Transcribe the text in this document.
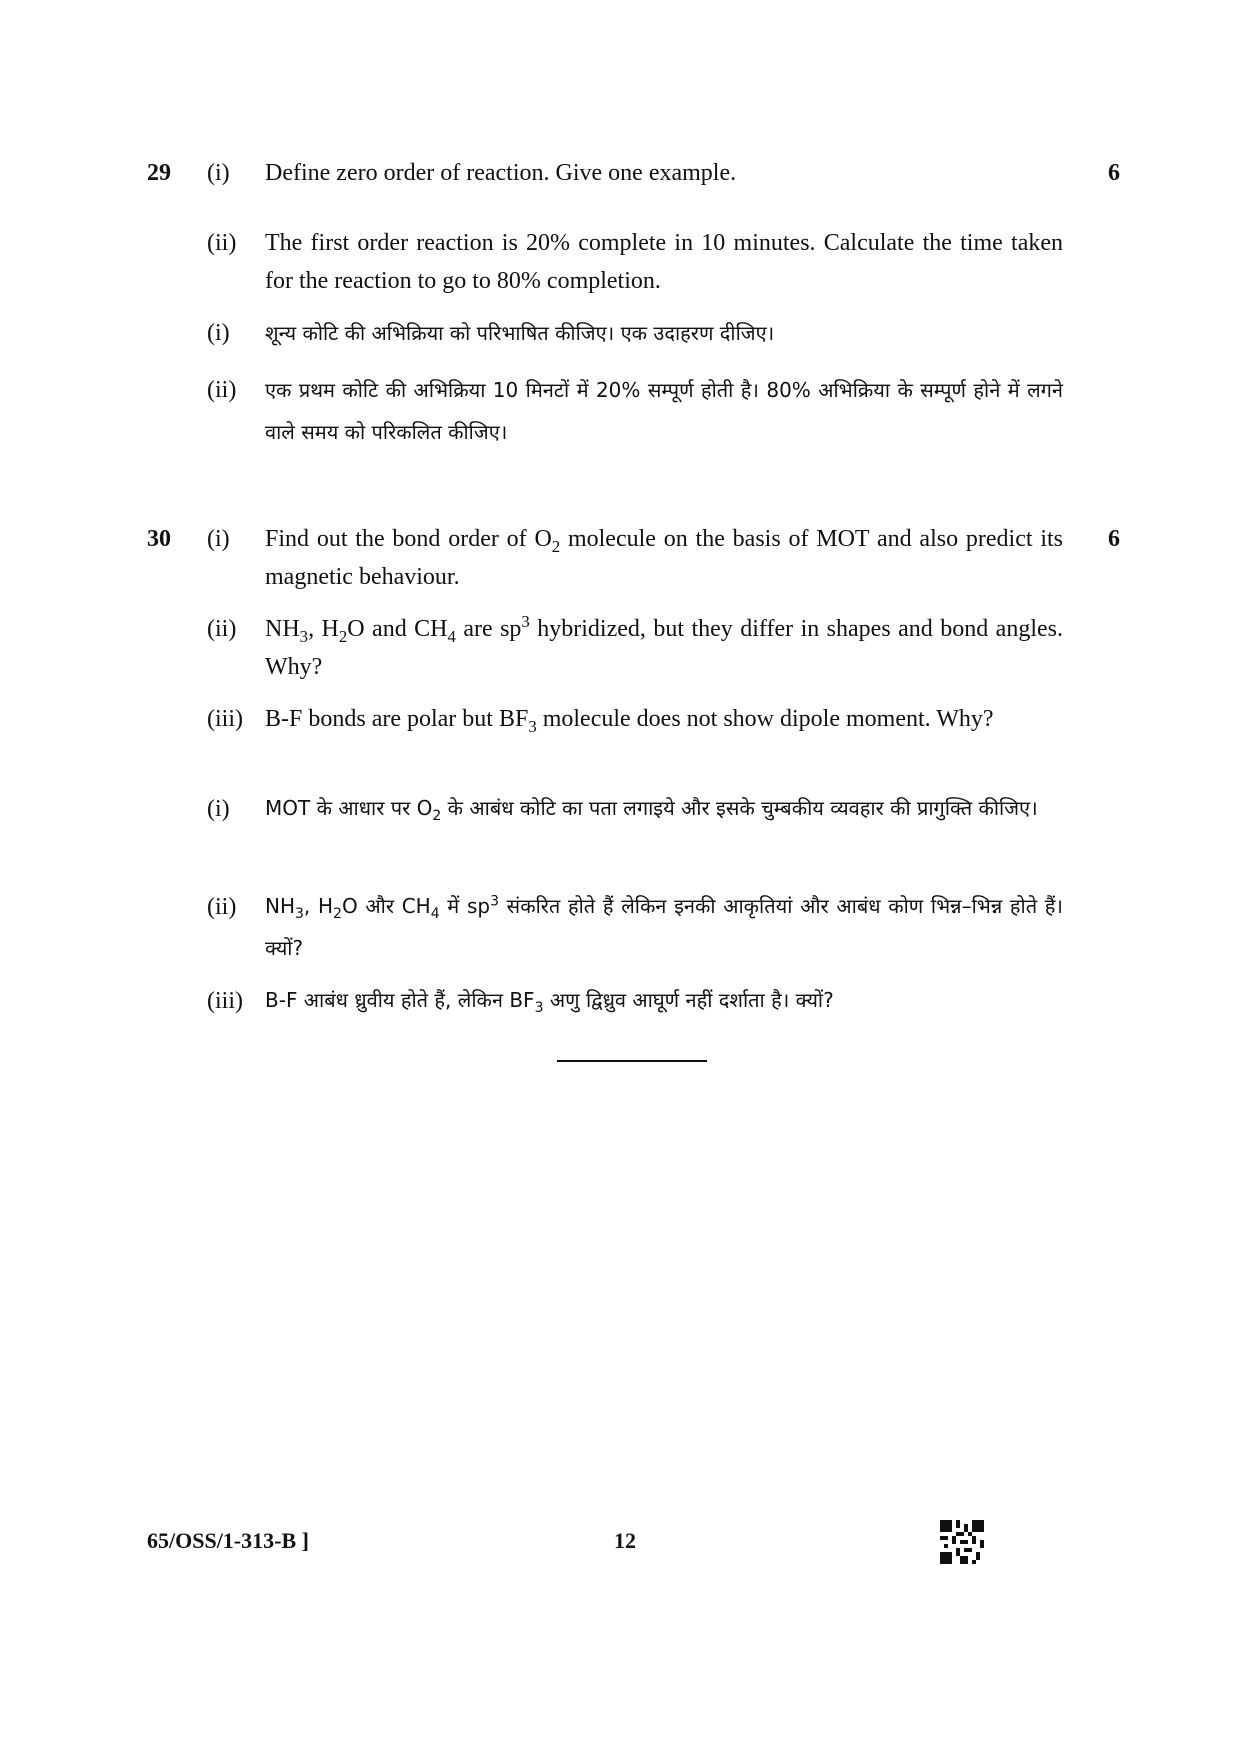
29	6
(i) Define zero order of reaction. Give one example.
(ii) The first order reaction is 20% complete in 10 minutes. Calculate the time taken for the reaction to go to 80% completion.
(i) शून्य कोटि की अभिक्रिया को परिभाषित कीजिए। एक उदाहरण दीजिए।
(ii) एक प्रथम कोटि की अभिक्रिया 10 मिनटों में 20% सम्पूर्ण होती है। 80% अभिक्रिया के सम्पूर्ण होने में लगने वाले समय को परिकलित कीजिए।
30	6
(i) Find out the bond order of $O_2$ molecule on the basis of MOT and also predict its magnetic behaviour.
(ii) $NH_3$, $H_2O$ and $CH_4$ are $sp^3$ hybridized, but they differ in shapes and bond angles. Why?
(iii) B-F bonds are polar but $BF_3$ molecule does not show dipole moment. Why?
(i) MOT के आधार पर $O_2$ के आबंध कोटि का पता लगाइये और इसके चुम्बकीय व्यवहार की प्रागुक्ति कीजिए।
(ii) $NH_3$, $H_2O$ और $CH_4$ में $sp^3$ संकरित होते हैं लेकिन इनकी आकृतियां और आबंध कोण भिन्न–भिन्न होते हैं। क्यों?
(iii) B-F आबंध ध्रुवीय होते हैं, लेकिन $BF_3$ अणु द्विध्रुव आघूर्ण नहीं दर्शाता है। क्यों?
65/OSS/1-313-B ]	12
